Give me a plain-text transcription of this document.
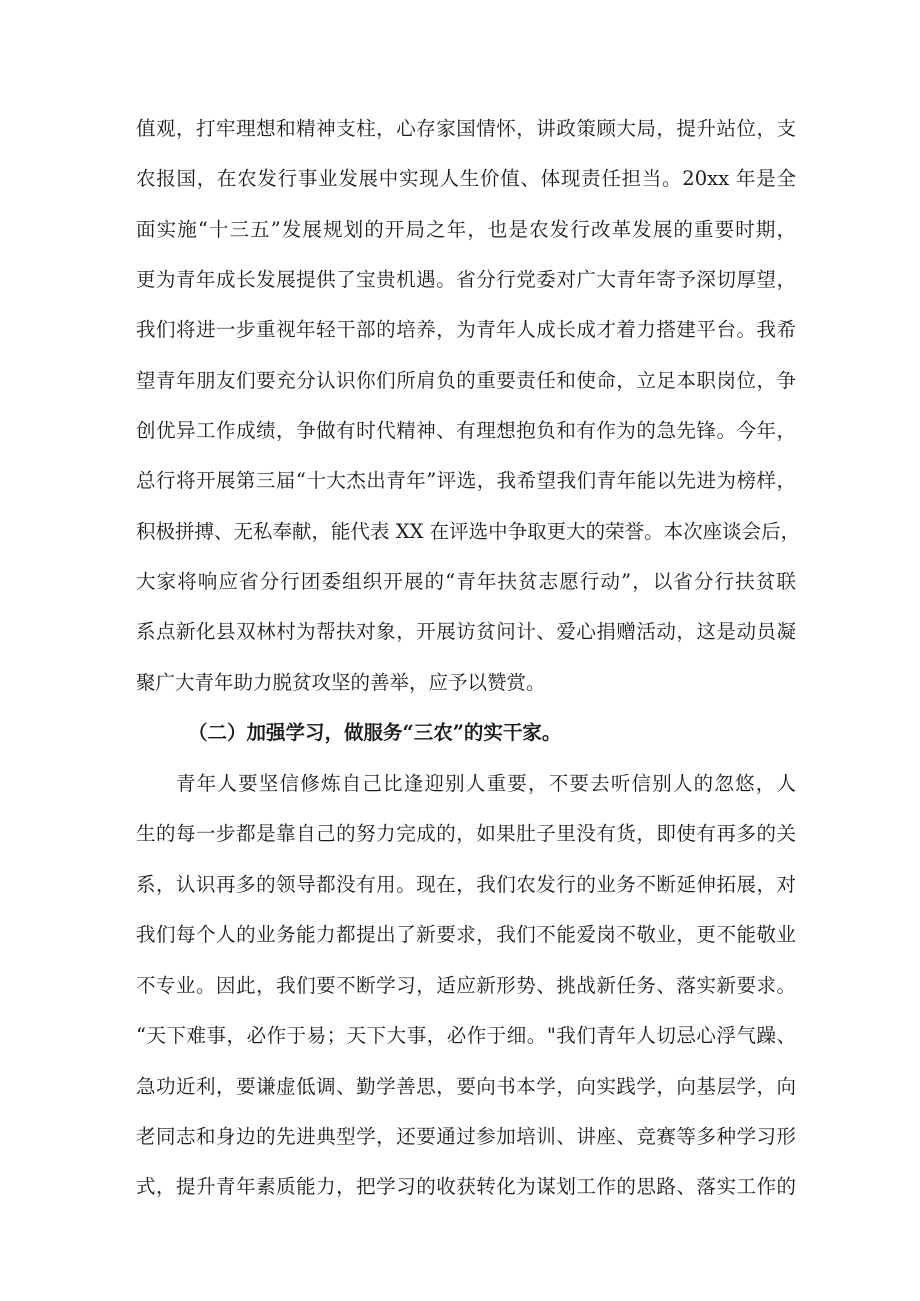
值观，打牢理想和精神支柱，心存家国情怀，讲政策顾大局，提升站位，支
农报国，在农发行事业发展中实现人生价值、体现责任担当。20xx 年是全
面实施“十三五”发展规划的开局之年，也是农发行改革发展的重要时期，
更为青年成长发展提供了宝贵机遇。省分行党委对广大青年寄予深切厚望，
我们将进一步重视年轻干部的培养，为青年人成长成才着力搭建平台。我希
望青年朋友们要充分认识你们所肩负的重要责任和使命，立足本职岗位，争
创优异工作成绩，争做有时代精神、有理想抱负和有作为的急先锋。今年，
总行将开展第三届“十大杰出青年”评选，我希望我们青年能以先进为榜样，
积极拼搏、无私奉献，能代表 XX 在评选中争取更大的荣誉。本次座谈会后，
大家将响应省分行团委组织开展的“青年扶贫志愿行动”，以省分行扶贫联
系点新化县双林村为帮扶对象，开展访贫问计、爱心捐赠活动，这是动员凝
聚广大青年助力脱贫攻坚的善举，应予以赞赏。
（二）加强学习，做服务“三农”的实干家。
青年人要坚信修炼自己比逢迎别人重要，不要去听信别人的忽悠，人
生的每一步都是靠自己的努力完成的，如果肚子里没有货，即使有再多的关
系，认识再多的领导都没有用。现在，我们农发行的业务不断延伸拓展，对
我们每个人的业务能力都提出了新要求，我们不能爱岗不敬业，更不能敬业
不专业。因此，我们要不断学习，适应新形势、挑战新任务、落实新要求。
“天下难事，必作于易；天下大事，必作于细。"我们青年人切忌心浮气躁、
急功近利，要谦虚低调、勤学善思，要向书本学，向实践学，向基层学，向
老同志和身边的先进典型学，还要通过参加培训、讲座、竞赛等多种学习形
式，提升青年素质能力，把学习的收获转化为谋划工作的思路、落实工作的
